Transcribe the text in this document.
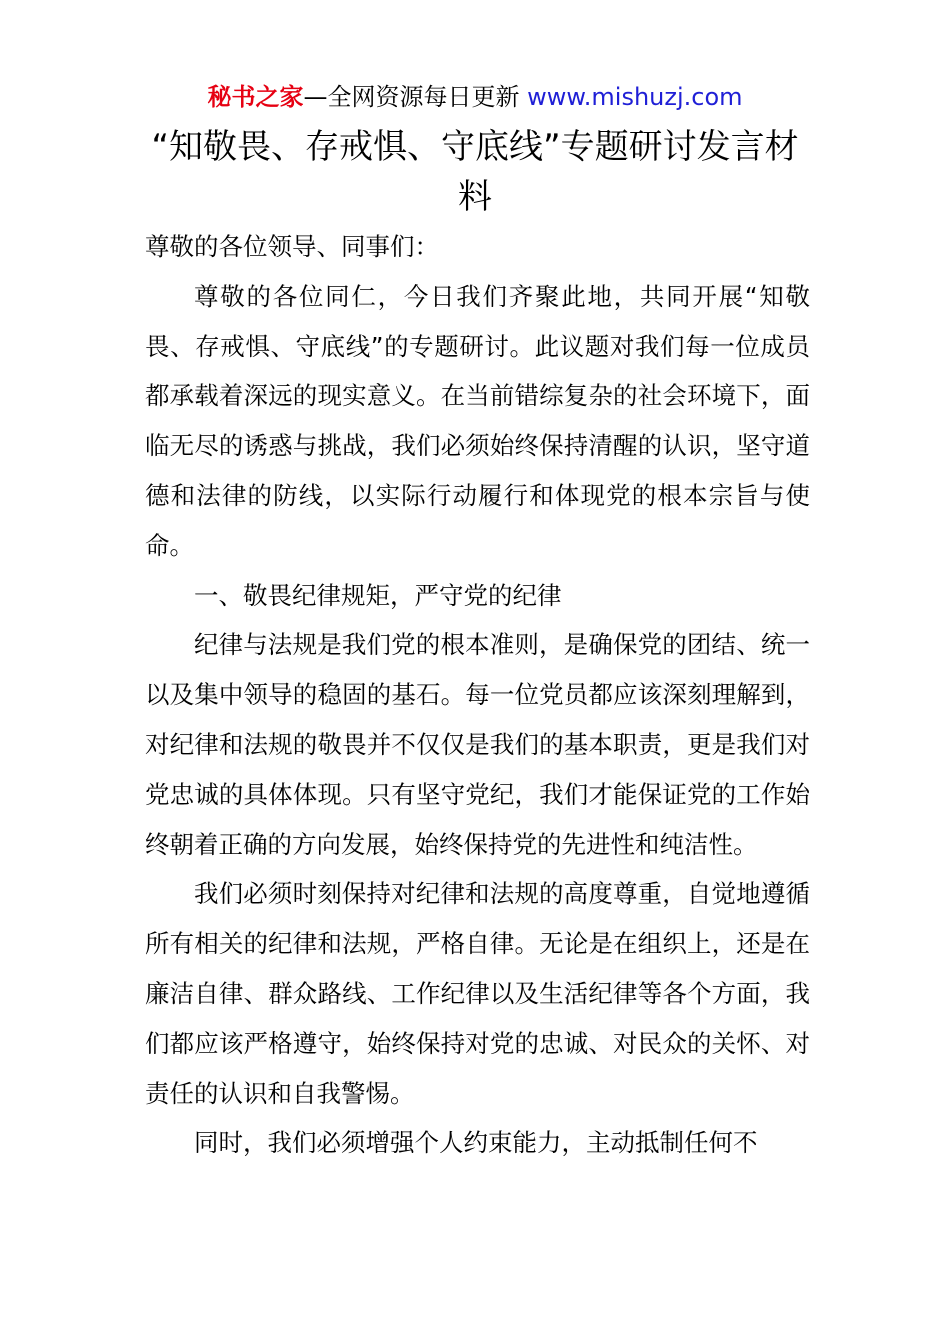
秘书之家—全网资源每日更新 www.mishuzj.com
“知敬畏、存戒惧、守底线”专题研讨发言材料

尊敬的各位领导、同事们：

尊敬的各位同仁，今日我们齐聚此地，共同开展“知敬畏、存戒惧、守底线”的专题研讨。此议题对我们每一位成员都承载着深远的现实意义。在当前错综复杂的社会环境下，面临无尽的诱惑与挑战，我们必须始终保持清醒的认识，坚守道德和法律的防线，以实际行动履行和体现党的根本宗旨与使命。

一、敬畏纪律规矩，严守党的纪律

纪律与法规是我们党的根本准则，是确保党的团结、统一以及集中领导的稳固的基石。每一位党员都应该深刻理解到，对纪律和法规的敬畏并不仅仅是我们的基本职责，更是我们对党忠诚的具体体现。只有坚守党纪，我们才能保证党的工作始终朝着正确的方向发展，始终保持党的先进性和纯洁性。

我们必须时刻保持对纪律和法规的高度尊重，自觉地遵循所有相关的纪律和法规，严格自律。无论是在组织上，还是在廉洁自律、群众路线、工作纪律以及生活纪律等各个方面，我们都应该严格遵守，始终保持对党的忠诚、对民众的关怀、对责任的认识和自我警惕。

同时，我们必须增强个人约束能力，主动抵制任何不
